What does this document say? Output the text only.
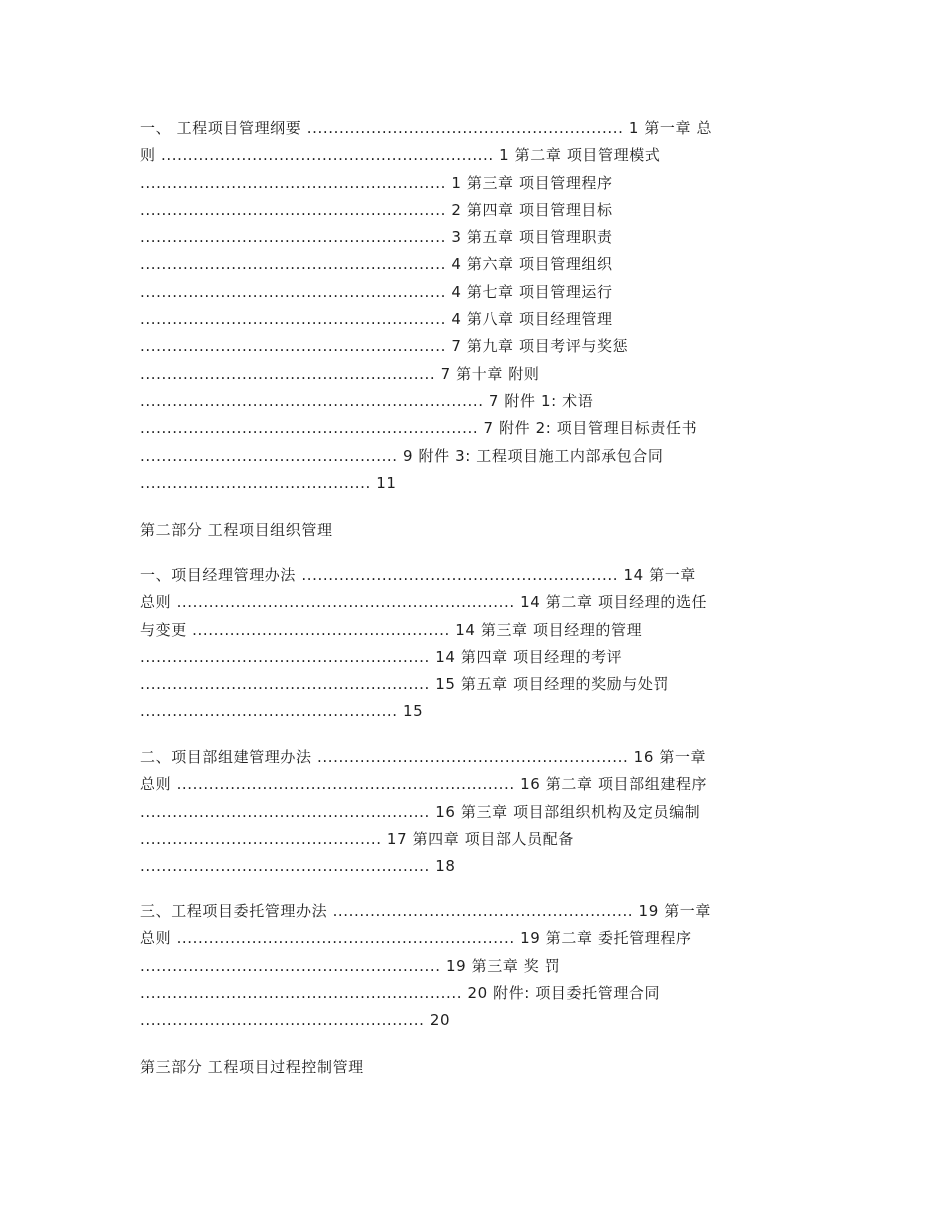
一、 工程项目管理纲要 ........................................................... 1 第一章 总
则 .............................................................. 1 第二章 项目管理模式
......................................................... 1 第三章 项目管理程序
......................................................... 2 第四章 项目管理目标
......................................................... 3 第五章 项目管理职责
......................................................... 4 第六章 项目管理组织
......................................................... 4 第七章 项目管理运行
......................................................... 4 第八章 项目经理管理
......................................................... 7 第九章 项目考评与奖惩
....................................................... 7 第十章 附则
................................................................ 7 附件 1: 术语
............................................................... 7 附件 2: 项目管理目标责任书
................................................ 9 附件 3: 工程项目施工内部承包合同
........................................... 11
第二部分 工程项目组织管理
一、项目经理管理办法 ........................................................... 14 第一章
总则 ............................................................... 14 第二章 项目经理的选任
与变更 ................................................ 14 第三章 项目经理的管理
...................................................... 14 第四章 项目经理的考评
...................................................... 15 第五章 项目经理的奖励与处罚
................................................ 15
二、项目部组建管理办法 .......................................................... 16 第一章
总则 ............................................................... 16 第二章 项目部组建程序
...................................................... 16 第三章 项目部组织机构及定员编制
............................................. 17 第四章 项目部人员配备
...................................................... 18
三、工程项目委托管理办法 ........................................................ 19 第一章
总则 ............................................................... 19 第二章 委托管理程序
........................................................ 19 第三章 奖 罚
............................................................ 20 附件: 项目委托管理合同
..................................................... 20
第三部分 工程项目过程控制管理
